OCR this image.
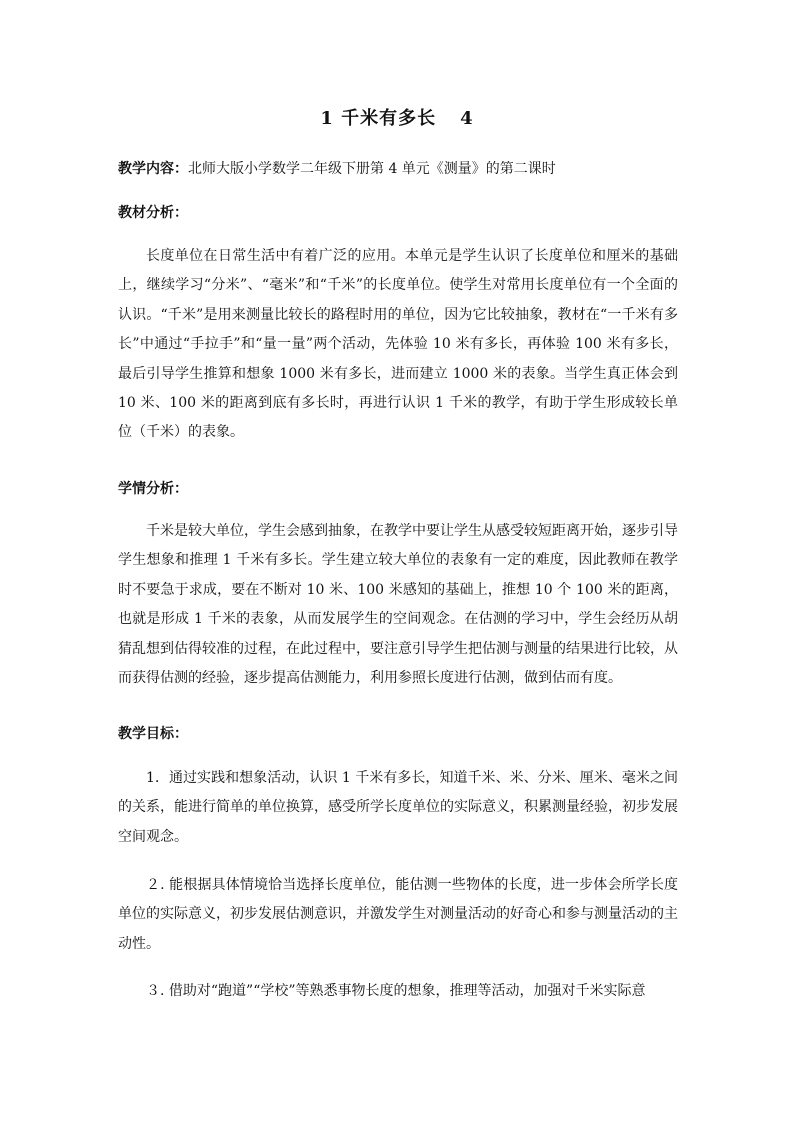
1 千米有多长 4
教学内容：北师大版小学数学二年级下册第 4 单元《测量》的第二课时
教材分析：
长度单位在日常生活中有着广泛的应用。本单元是学生认识了长度单位和厘米的基础上，继续学习“分米”、“毫米”和“千米”的长度单位。使学生对常用长度单位有一个全面的认识。“千米”是用来测量比较长的路程时用的单位，因为它比较抽象，教材在“一千米有多长”中通过“手拉手”和“量一量”两个活动，先体验 10 米有多长，再体验 100 米有多长，最后引导学生推算和想象 1000 米有多长，进而建立 1000 米的表象。当学生真正体会到 10 米、100 米的距离到底有多长时，再进行认识 1 千米的教学，有助于学生形成较长单位（千米）的表象。
学情分析：
千米是较大单位，学生会感到抽象，在教学中要让学生从感受较短距离开始，逐步引导学生想象和推理 1 千米有多长。学生建立较大单位的表象有一定的难度，因此教师在教学时不要急于求成，要在不断对 10 米、100 米感知的基础上，推想 10 个 100 米的距离，也就是形成 1 千米的表象，从而发展学生的空间观念。在估测的学习中，学生会经历从胡猜乱想到估得较准的过程，在此过程中，要注意引导学生把估测与测量的结果进行比较，从而获得估测的经验，逐步提高估测能力，利用参照长度进行估测，做到估而有度。
教学目标：
1．通过实践和想象活动，认识 1 千米有多长，知道千米、米、分米、厘米、毫米之间的关系，能进行简单的单位换算，感受所学长度单位的实际意义，积累测量经验，初步发展空间观念。
２. 能根据具体情境恰当选择长度单位，能估测一些物体的长度，进一步体会所学长度单位的实际意义，初步发展估测意识，并激发学生对测量活动的好奇心和参与测量活动的主动性。
３. 借助对“跑道”“学校”等熟悉事物长度的想象，推理等活动，加强对千米实际意
